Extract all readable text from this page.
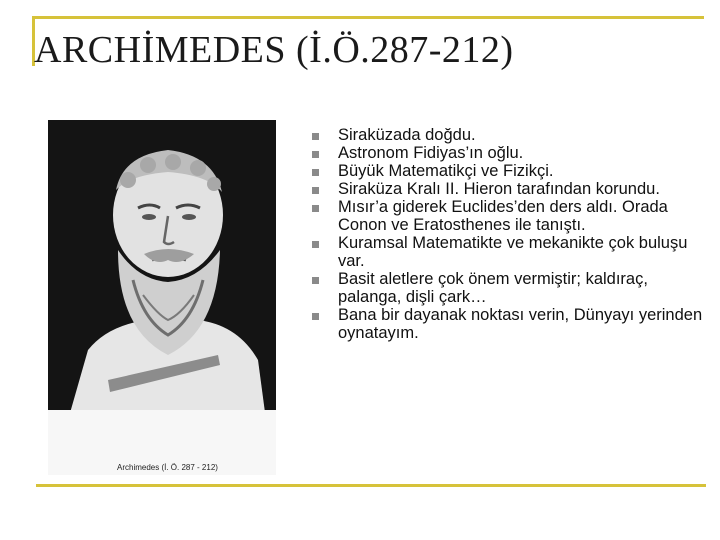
ARCHİMEDES (İ.Ö.287-212)
Archimedes (İ. Ö. 287 - 212)
Siraküzada doğdu.
Astronom Fidiyas’ın oğlu.
Büyük Matematikçi ve Fizikçi.
Siraküza Kralı II. Hieron tarafından korundu.
Mısır’a giderek Euclides’den ders aldı. Orada Conon ve Eratosthenes ile tanıştı.
Kuramsal Matematikte ve mekanikte çok buluşu var.
Basit aletlere çok önem vermiştir; kaldıraç, palanga, dişli çark…
Bana bir dayanak noktası verin, Dünyayı yerinden oynatayım.
